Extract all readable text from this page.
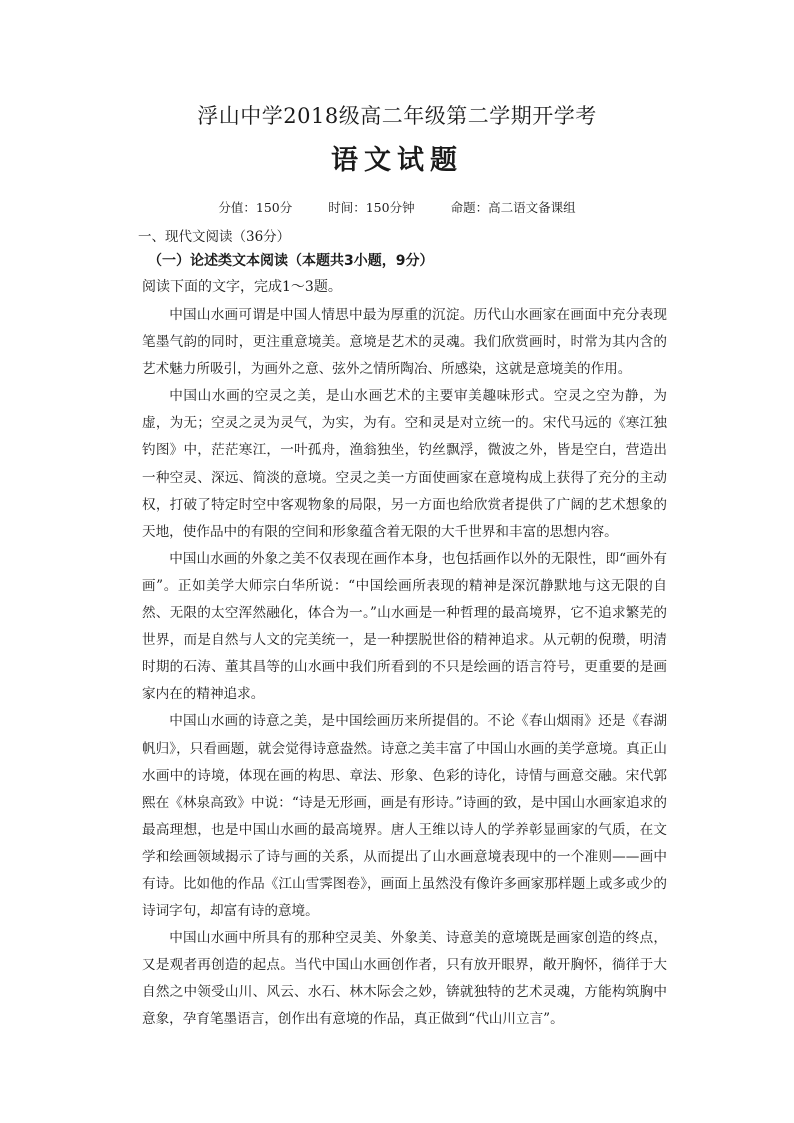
浮山中学2018级高二年级第二学期开学考
语文试题
分值：150分	时间：150分钟	命题：高二语文备课组
一、现代文阅读（36分）
（一）论述类文本阅读（本题共3小题，9分）
阅读下面的文字，完成1～3题。

中国山水画可谓是中国人情思中最为厚重的沉淀。历代山水画家在画面中充分表现笔墨气韵的同时，更注重意境美。意境是艺术的灵魂。我们欣赏画时，时常为其内含的艺术魅力所吸引，为画外之意、弦外之情所陶冶、所感染，这就是意境美的作用。

中国山水画的空灵之美，是山水画艺术的主要审美趣味形式。空灵之空为静，为虚，为无；空灵之灵为灵气，为实，为有。空和灵是对立统一的。宋代马远的《寒江独钓图》中，茫茫寒江，一叶孤舟，渔翁独坐，钓丝飘浮，微波之外，皆是空白，营造出一种空灵、深远、简淡的意境。空灵之美一方面使画家在意境构成上获得了充分的主动权，打破了特定时空中客观物象的局限，另一方面也给欣赏者提供了广阔的艺术想象的天地，使作品中的有限的空间和形象蕴含着无限的大千世界和丰富的思想内容。

中国山水画的外象之美不仅表现在画作本身，也包括画作以外的无限性，即“画外有画”。正如美学大师宗白华所说：“中国绘画所表现的精神是深沉静默地与这无限的自然、无限的太空浑然融化，体合为一。”山水画是一种哲理的最高境界，它不追求繁芜的世界，而是自然与人文的完美统一，是一种摆脱世俗的精神追求。从元朝的倪瓒，明清时期的石涛、董其昌等的山水画中我们所看到的不只是绘画的语言符号，更重要的是画家内在的精神追求。

中国山水画的诗意之美，是中国绘画历来所提倡的。不论《春山烟雨》还是《春湖帆归》，只看画题，就会觉得诗意盎然。诗意之美丰富了中国山水画的美学意境。真正山水画中的诗境，体现在画的构思、章法、形象、色彩的诗化，诗情与画意交融。宋代郭熙在《林泉高致》中说：“诗是无形画，画是有形诗。”诗画的致，是中国山水画家追求的最高理想，也是中国山水画的最高境界。唐人王维以诗人的学养彰显画家的气质，在文学和绘画领域揭示了诗与画的关系，从而提出了山水画意境表现中的一个准则——画中有诗。比如他的作品《江山雪霁图卷》，画面上虽然没有像许多画家那样题上或多或少的诗词字句，却富有诗的意境。

中国山水画中所具有的那种空灵美、外象美、诗意美的意境既是画家创造的终点，又是观者再创造的起点。当代中国山水画创作者，只有放开眼界，敞开胸怀，徜徉于大自然之中领受山川、风云、水石、林木际会之妙，锛就独特的艺术灵魂，方能构筑胸中意象，孕育笔墨语言，创作出有意境的作品，真正做到“代山川立言”。
